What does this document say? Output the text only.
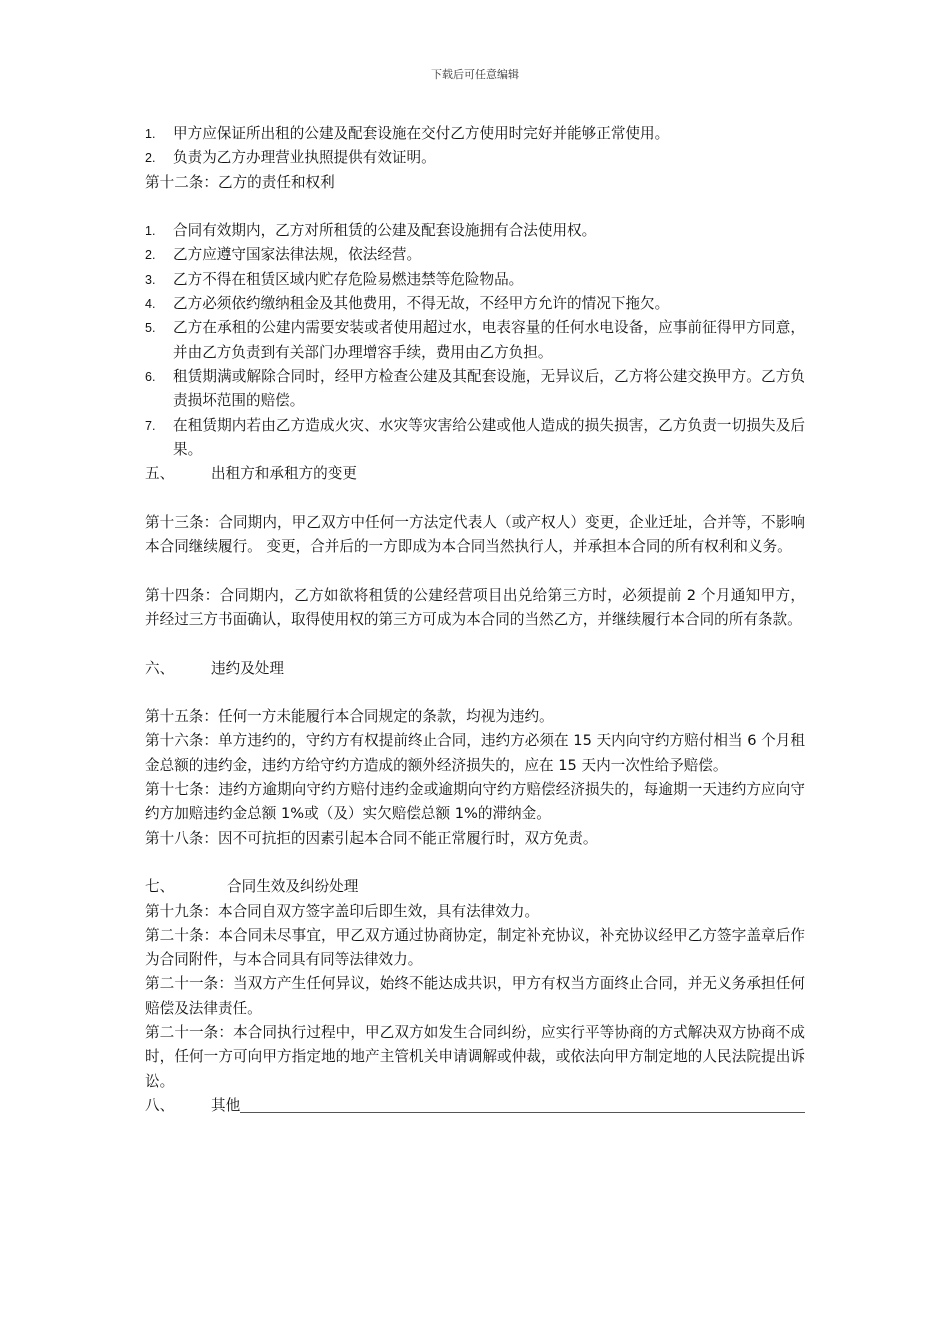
下载后可任意编辑
1. 甲方应保证所出租的公建及配套设施在交付乙方使用时完好并能够正常使用。
2. 负责为乙方办理营业执照提供有效证明。
第十二条：乙方的责任和权利
1. 合同有效期内，乙方对所租赁的公建及配套设施拥有合法使用权。
2. 乙方应遵守国家法律法规，依法经营。
3. 乙方不得在租赁区域内贮存危险易燃违禁等危险物品。
4. 乙方必须依约缴纳租金及其他费用，不得无故，不经甲方允许的情况下拖欠。
5. 乙方在承租的公建内需要安装或者使用超过水，电表容量的任何水电设备，应事前征得甲方同意，并由乙方负责到有关部门办理增容手续，费用由乙方负担。
6. 租赁期满或解除合同时，经甲方检查公建及其配套设施，无异议后，乙方将公建交换甲方。乙方负责损坏范围的赔偿。
7. 在租赁期内若由乙方造成火灾、水灾等灾害给公建或他人造成的损失损害，乙方负责一切损失及后果。
五、	出租方和承租方的变更
第十三条：合同期内，甲乙双方中任何一方法定代表人（或产权人）变更，企业迁址，合并等，不影响本合同继续履行。 变更，合并后的一方即成为本合同当然执行人，并承担本合同的所有权利和义务。
第十四条：合同期内，乙方如欲将租赁的公建经营项目出兑给第三方时，必须提前 2 个月通知甲方，并经过三方书面确认，取得使用权的第三方可成为本合同的当然乙方，并继续履行本合同的所有条款。
六、	违约及处理
第十五条：任何一方未能履行本合同规定的条款，均视为违约。
第十六条：单方违约的，守约方有权提前终止合同，违约方必须在 15 天内向守约方赔付相当 6 个月租金总额的违约金，违约方给守约方造成的额外经济损失的，应在 15 天内一次性给予赔偿。
第十七条：违约方逾期向守约方赔付违约金或逾期向守约方赔偿经济损失的，每逾期一天违约方应向守约方加赔违约金总额 1%或（及）实欠赔偿总额 1%的滞纳金。
第十八条：因不可抗拒的因素引起本合同不能正常履行时，双方免责。
七、	合同生效及纠纷处理
第十九条：本合同自双方签字盖印后即生效，具有法律效力。
第二十条：本合同未尽事宜，甲乙双方通过协商协定，制定补充协议，补充协议经甲乙方签字盖章后作为合同附件，与本合同具有同等法律效力。
第二十一条：当双方产生任何异议，始终不能达成共识，甲方有权当方面终止合同，并无义务承担任何赔偿及法律责任。
第二十一条：本合同执行过程中，甲乙双方如发生合同纠纷，应实行平等协商的方式解决双方协商不成时，任何一方可向甲方指定地的地产主管机关申请调解或仲裁，或依法向甲方制定地的人民法院提出诉讼。
八、	其他
